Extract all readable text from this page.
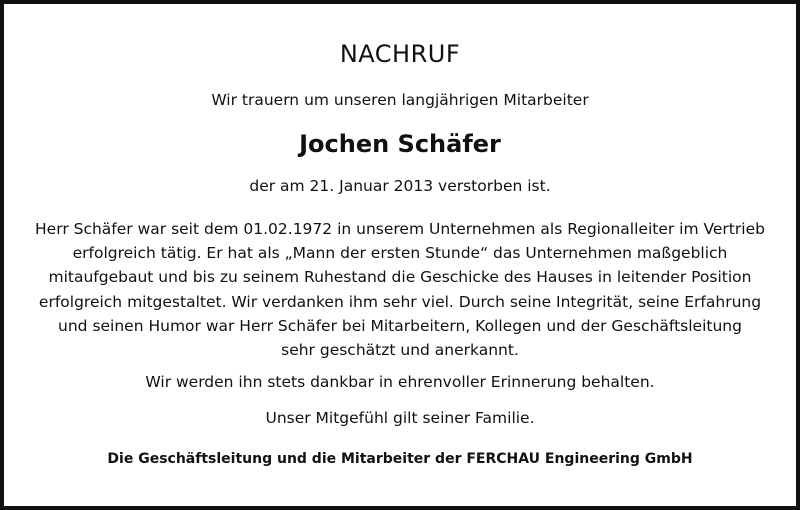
NACHRUF

Wir trauern um unseren langjährigen Mitarbeiter

Jochen Schäfer

der am 21. Januar 2013 verstorben ist.

Herr Schäfer war seit dem 01.02.1972 in unserem Unternehmen als Regionalleiter im Vertrieb
erfolgreich tätig. Er hat als „Mann der ersten Stunde“ das Unternehmen maßgeblich
mitaufgebaut und bis zu seinem Ruhestand die Geschicke des Hauses in leitender Position
erfolgreich mitgestaltet. Wir verdanken ihm sehr viel. Durch seine Integrität, seine Erfahrung
und seinen Humor war Herr Schäfer bei Mitarbeitern, Kollegen und der Geschäftsleitung
sehr geschätzt und anerkannt.

Wir werden ihn stets dankbar in ehrenvoller Erinnerung behalten.

Unser Mitgefühl gilt seiner Familie.

Die Geschäftsleitung und die Mitarbeiter der FERCHAU Engineering GmbH
